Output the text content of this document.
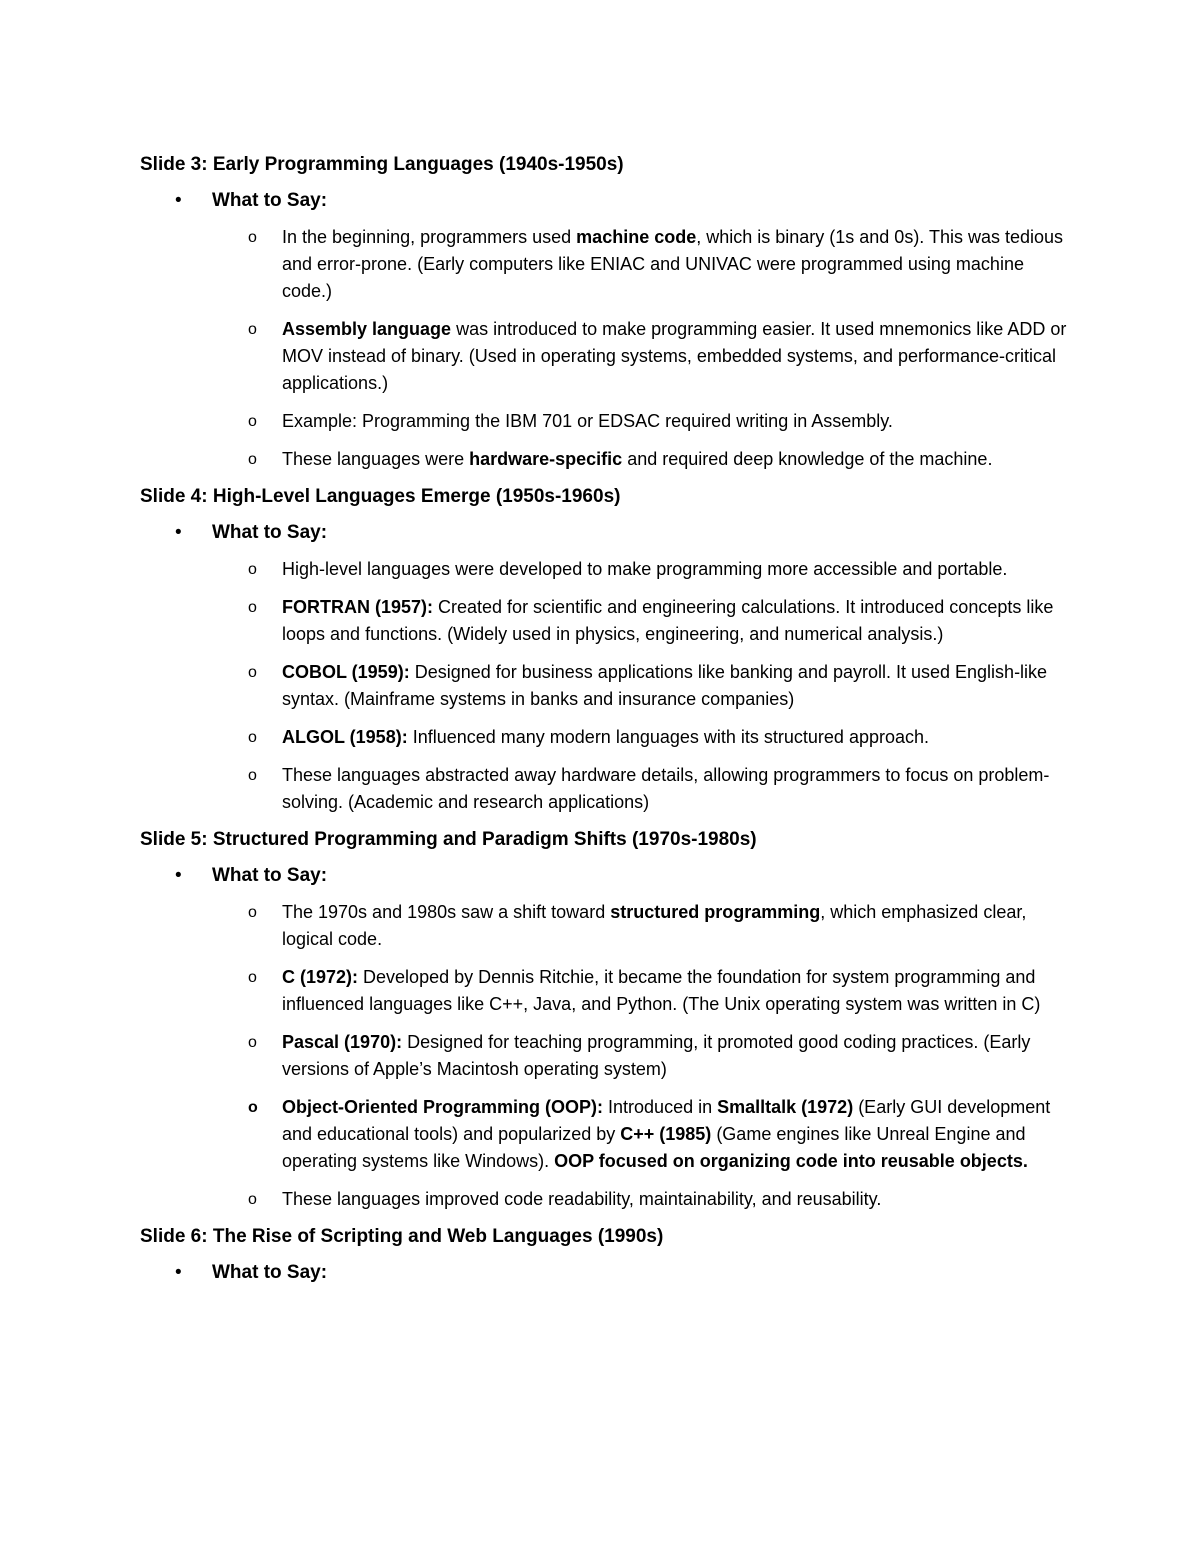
Slide 3: Early Programming Languages (1940s-1950s)
• What to Say:
o In the beginning, programmers used machine code, which is binary (1s and 0s). This was tedious and error-prone. (Early computers like ENIAC and UNIVAC were programmed using machine code.)
o Assembly language was introduced to make programming easier. It used mnemonics like ADD or MOV instead of binary. (Used in operating systems, embedded systems, and performance-critical applications.)
o Example: Programming the IBM 701 or EDSAC required writing in Assembly.
o These languages were hardware-specific and required deep knowledge of the machine.
Slide 4: High-Level Languages Emerge (1950s-1960s)
• What to Say:
o High-level languages were developed to make programming more accessible and portable.
o FORTRAN (1957): Created for scientific and engineering calculations. It introduced concepts like loops and functions. (Widely used in physics, engineering, and numerical analysis.)
o COBOL (1959): Designed for business applications like banking and payroll. It used English-like syntax. (Mainframe systems in banks and insurance companies)
o ALGOL (1958): Influenced many modern languages with its structured approach.
o These languages abstracted away hardware details, allowing programmers to focus on problem-solving. (Academic and research applications)
Slide 5: Structured Programming and Paradigm Shifts (1970s-1980s)
• What to Say:
o The 1970s and 1980s saw a shift toward structured programming, which emphasized clear, logical code.
o C (1972): Developed by Dennis Ritchie, it became the foundation for system programming and influenced languages like C++, Java, and Python. (The Unix operating system was written in C)
o Pascal (1970): Designed for teaching programming, it promoted good coding practices. (Early versions of Apple’s Macintosh operating system)
o Object-Oriented Programming (OOP): Introduced in Smalltalk (1972) (Early GUI development and educational tools) and popularized by C++ (1985) (Game engines like Unreal Engine and operating systems like Windows). OOP focused on organizing code into reusable objects.
o These languages improved code readability, maintainability, and reusability.
Slide 6: The Rise of Scripting and Web Languages (1990s)
• What to Say:
